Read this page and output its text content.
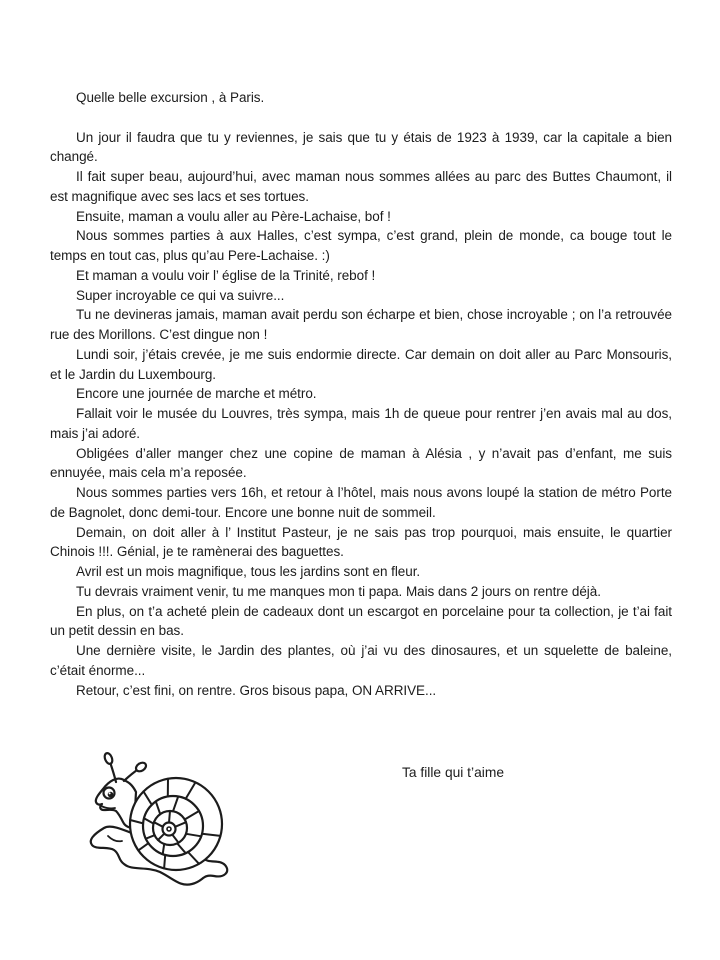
Quelle belle excursion , à Paris.

Un jour il faudra que tu y reviennes, je sais que tu y étais de 1923 à 1939, car la capitale a bien changé.

Il fait super beau, aujourd’hui, avec maman nous sommes allées au parc des Buttes Chaumont, il est magnifique avec ses lacs et ses tortues.

Ensuite, maman a voulu aller au Père-Lachaise, bof !

Nous sommes parties à aux Halles, c’est sympa, c’est grand, plein de monde, ca bouge tout le temps en tout cas, plus qu’au Pere-Lachaise. :)

Et maman a voulu voir l’ église de la Trinité, rebof !

Super incroyable ce qui va suivre...

Tu ne devineras jamais, maman avait perdu son écharpe et bien, chose incroyable ; on l’a retrouvée rue des Morillons. C’est dingue non !

Lundi soir, j’étais crevée, je me suis endormie directe. Car demain on doit aller au Parc Monsouris, et le Jardin du Luxembourg.

Encore une journée de marche et métro.

Fallait voir le musée du Louvres, très sympa, mais 1h de queue pour rentrer j’en avais mal au dos, mais j’ai adoré.

Obligées d’aller manger chez une copine de maman à Alésia , y n’avait pas d’enfant, me suis ennuyée, mais cela m’a reposée.

Nous sommes parties vers 16h, et retour à l’hôtel, mais nous avons loupé la station de métro Porte de Bagnolet, donc demi-tour. Encore une bonne nuit de sommeil.

Demain, on doit aller à l’ Institut Pasteur, je ne sais pas trop pourquoi, mais ensuite, le quartier Chinois !!!. Génial, je te ramènerai des baguettes.

Avril est un mois magnifique, tous les jardins sont en fleur.

Tu devrais vraiment venir, tu me manques mon ti papa. Mais dans 2 jours on rentre déjà.

En plus, on t’a acheté plein de cadeaux dont un escargot en porcelaine pour ta collection, je t’ai fait un petit dessin en bas.

Une dernière visite, le Jardin des plantes, où j’ai vu des dinosaures, et un squelette de baleine, c’était énorme...

Retour, c’est fini, on rentre. Gros bisous papa, ON ARRIVE...

Ta fille qui t’aime
